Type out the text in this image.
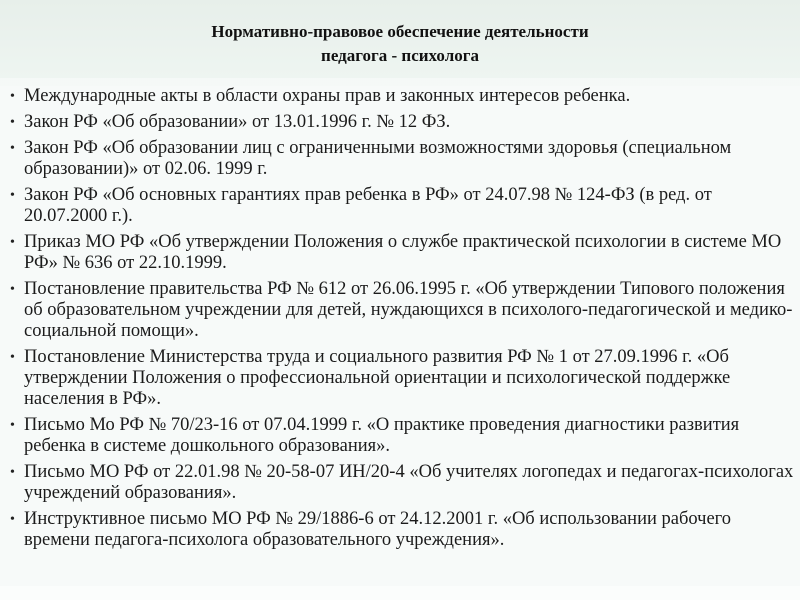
Нормативно-правовое обеспечение деятельности
педагога - психолога
• Международные акты в области охраны прав и законных интересов ребенка.
• Закон РФ «Об образовании» от 13.01.1996 г. № 12 ФЗ.
• Закон РФ «Об образовании лиц с ограниченными возможностями здоровья (специальном образовании)» от 02.06. 1999 г.
• Закон РФ «Об основных гарантиях прав ребенка в РФ» от 24.07.98 № 124-ФЗ (в ред. от 20.07.2000 г.).
• Приказ МО РФ «Об утверждении Положения о службе практической психологии в системе МО РФ» № 636 от 22.10.1999.
• Постановление правительства РФ № 612 от 26.06.1995 г. «Об утверждении Типового положения об образовательном учреждении для детей, нуждающихся в психолого-педагогической и медико-социальной помощи».
• Постановление Министерства труда и социального развития РФ № 1 от 27.09.1996 г. «Об утверждении Положения о профессиональной ориентации и психологической поддержке населения в РФ».
• Письмо Мо РФ № 70/23-16 от 07.04.1999 г. «О практике проведения диагностики развития ребенка в системе дошкольного образования».
• Письмо МО РФ от 22.01.98 № 20-58-07 ИН/20-4 «Об учителях логопедах и педагогах-психологах учреждений образования».
• Инструктивное письмо МО РФ № 29/1886-6 от 24.12.2001 г. «Об использовании рабочего времени педагога-психолога образовательного учреждения».
